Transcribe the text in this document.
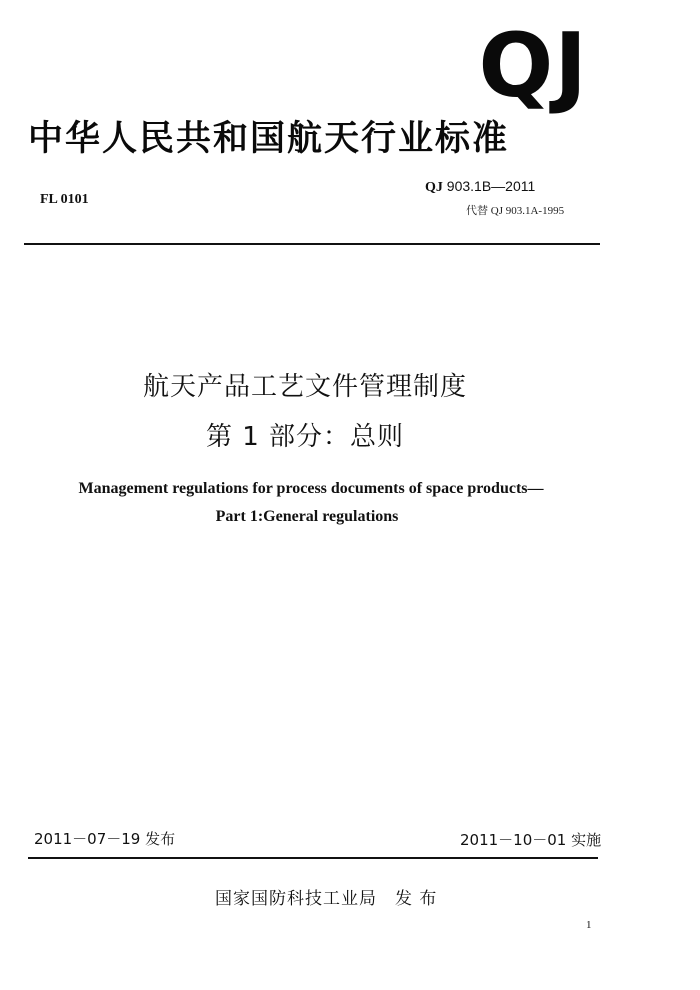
QJ
中华人民共和国航天行业标准
FL 0101
QJ 903.1B—2011
代替 QJ 903.1A-1995
航天产品工艺文件管理制度
第 1 部分：总则
Management regulations for process documents of space products—
Part 1:General regulations
2011－07－19 发布	2011－10－01 实施
国家国防科技工业局 发 布
1
